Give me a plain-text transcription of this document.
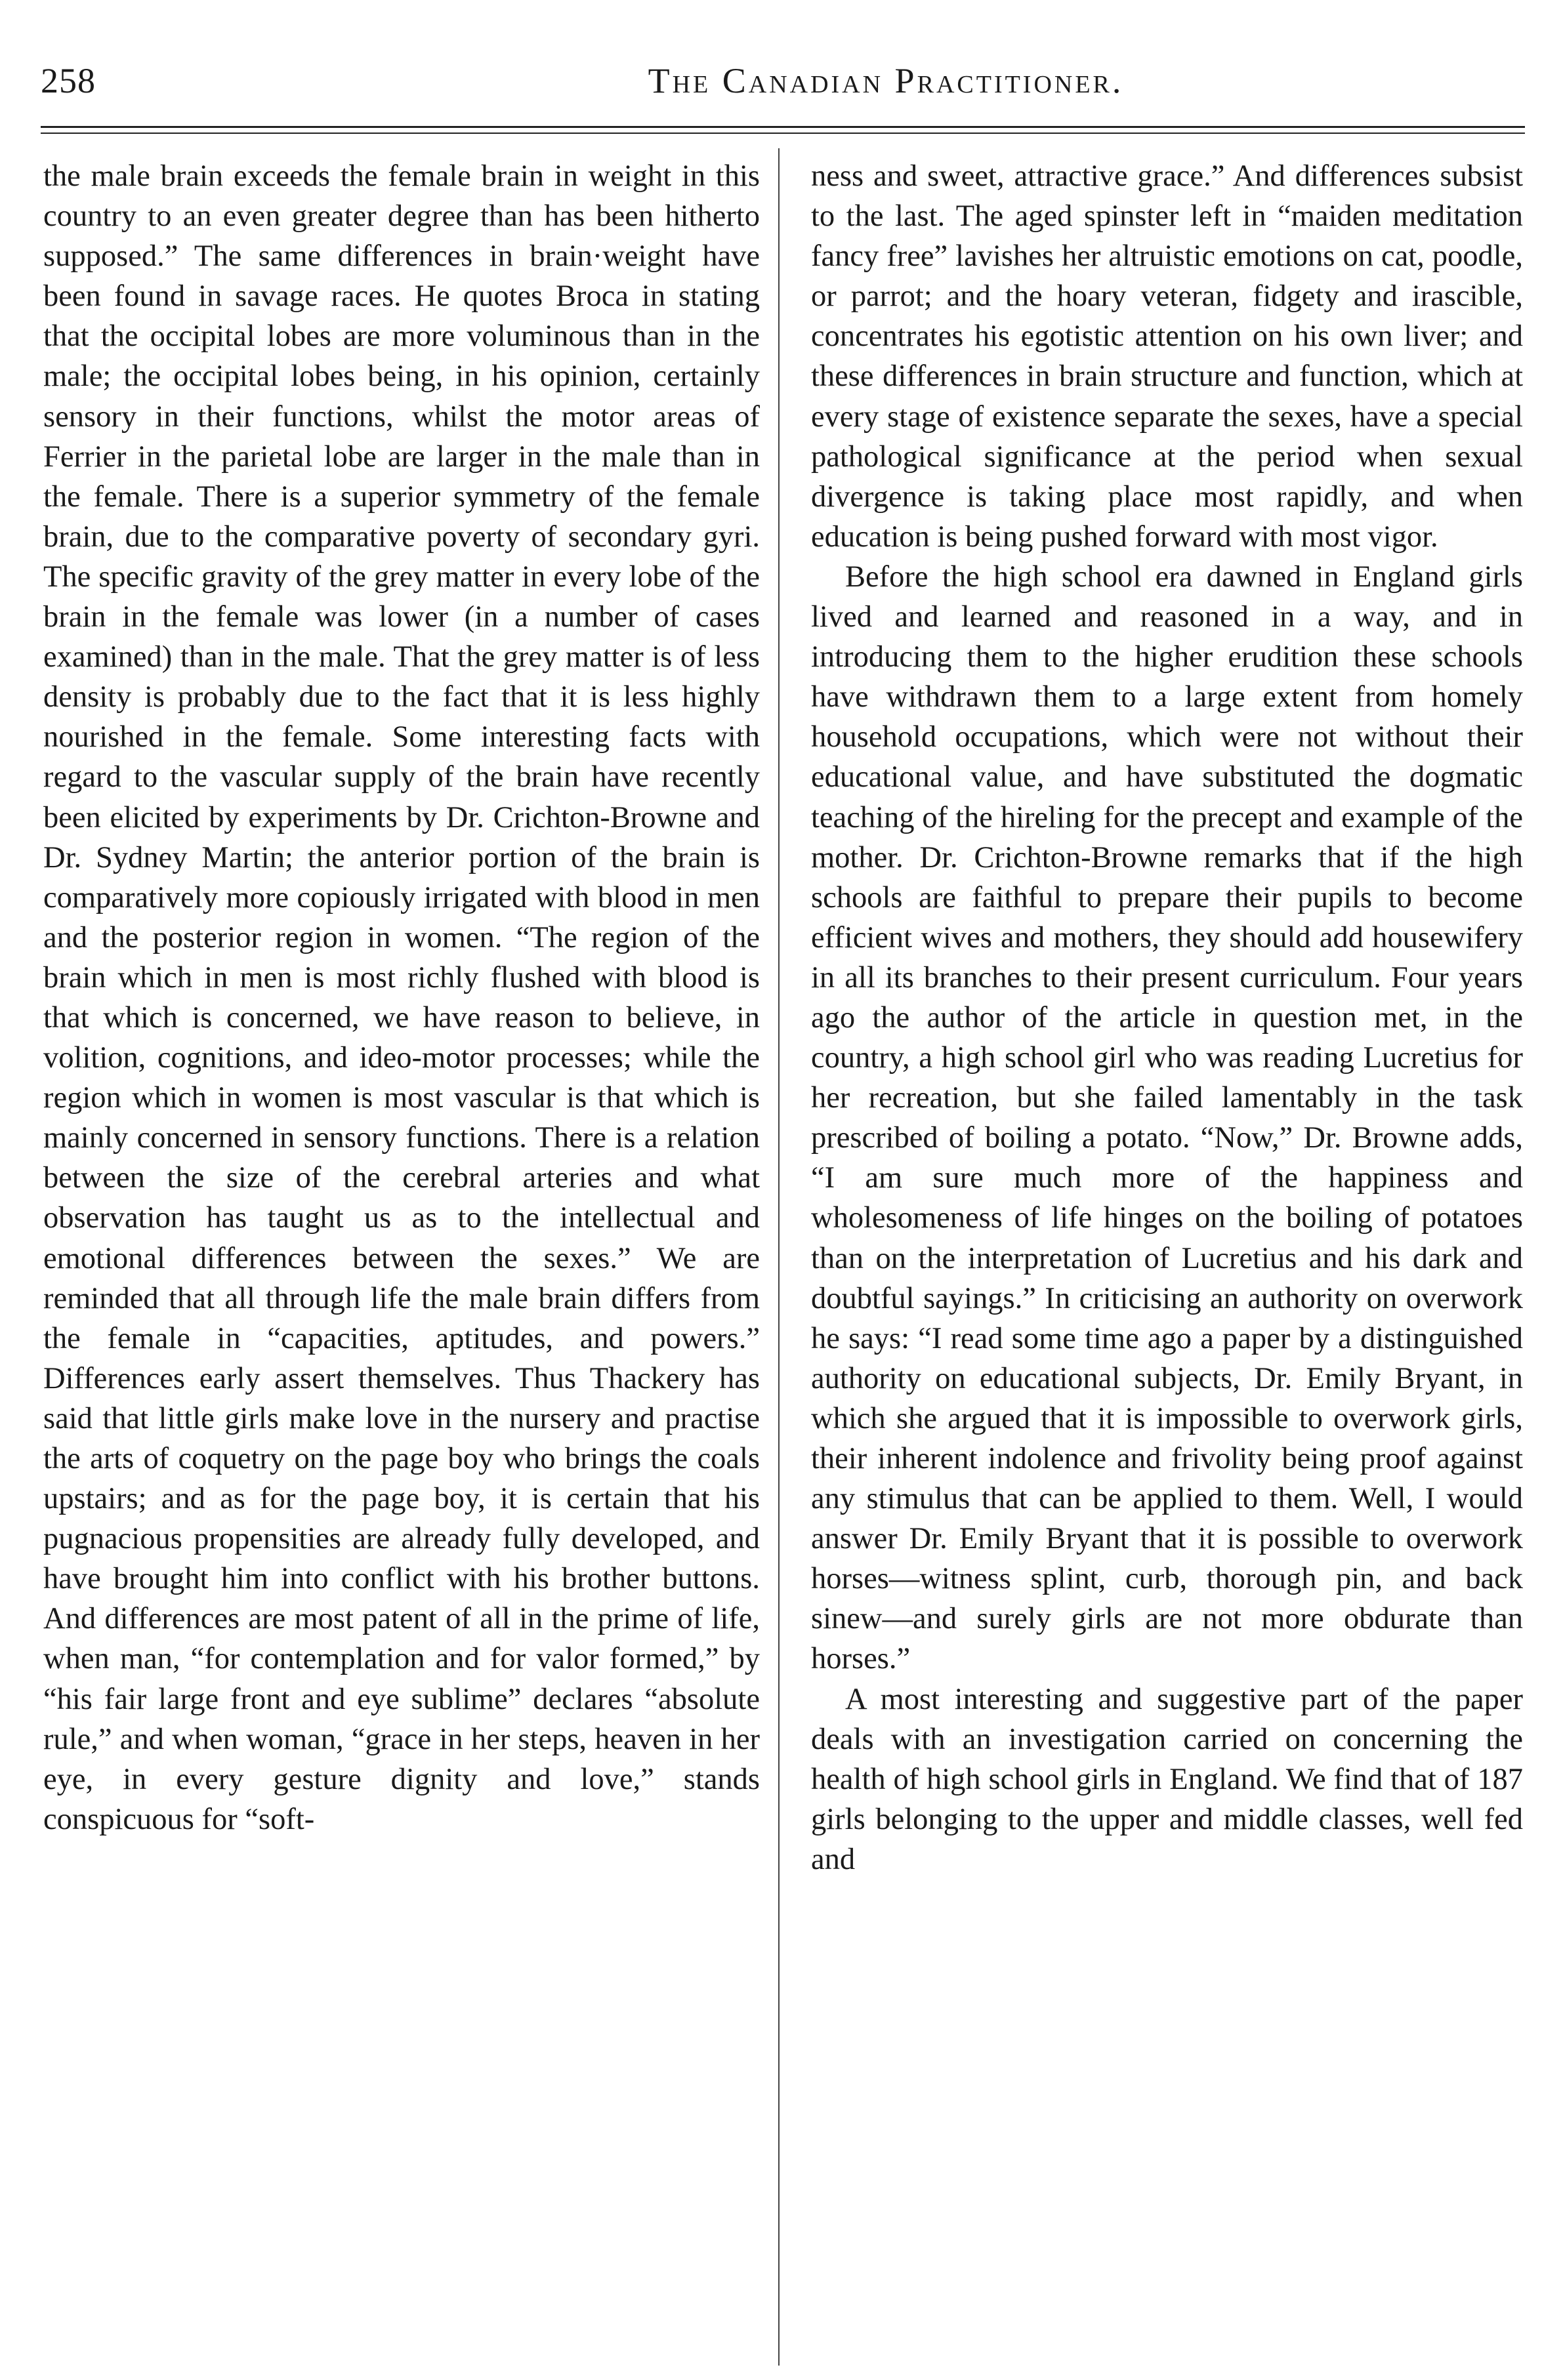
258	The Canadian Practitioner.

the male brain exceeds the female brain in weight in this country to an even greater degree than has been hitherto supposed.” The same differences in brain·weight have been found in savage races. He quotes Broca in stating that the occipital lobes are more voluminous than in the male; the occipital lobes being, in his opinion, certainly sensory in their functions, whilst the motor areas of Ferrier in the parietal lobe are larger in the male than in the female. There is a superior symmetry of the female brain, due to the comparative poverty of secondary gyri. The specific gravity of the grey matter in every lobe of the brain in the female was lower (in a number of cases examined) than in the male. That the grey matter is of less density is probably due to the fact that it is less highly nourished in the female. Some interesting facts with regard to the vascular supply of the brain have recently been elicited by experiments by Dr. Crichton-Browne and Dr. Sydney Martin; the anterior portion of the brain is comparatively more copiously irrigated with blood in men and the posterior region in women. “The region of the brain which in men is most richly flushed with blood is that which is concerned, we have reason to believe, in volition, cognitions, and ideo-motor processes; while the region which in women is most vascular is that which is mainly concerned in sensory functions. There is a relation between the size of the cerebral arteries and what observation has taught us as to the intellectual and emotional differences between the sexes.” We are reminded that all through life the male brain differs from the female in “capacities, aptitudes, and powers.” Differences early assert themselves. Thus Thackery has said that little girls make love in the nursery and practise the arts of coquetry on the page boy who brings the coals upstairs; and as for the page boy, it is certain that his pugnacious propensities are already fully developed, and have brought him into conflict with his brother buttons. And differences are most patent of all in the prime of life, when man, “for contemplation and for valor formed,” by “his fair large front and eye sublime” declares “absolute rule,” and when woman, “grace in her steps, heaven in her eye, in every gesture dignity and love,” stands conspicuous for “soft-

ness and sweet, attractive grace.” And differences subsist to the last. The aged spinster left in “maiden meditation fancy free” lavishes her altruistic emotions on cat, poodle, or parrot; and the hoary veteran, fidgety and irascible, concentrates his egotistic attention on his own liver; and these differences in brain structure and function, which at every stage of existence separate the sexes, have a special pathological significance at the period when sexual divergence is taking place most rapidly, and when education is being pushed forward with most vigor.

Before the high school era dawned in England girls lived and learned and reasoned in a way, and in introducing them to the higher erudition these schools have withdrawn them to a large extent from homely household occupations, which were not without their educational value, and have substituted the dogmatic teaching of the hireling for the precept and example of the mother. Dr. Crichton-Browne remarks that if the high schools are faithful to prepare their pupils to become efficient wives and mothers, they should add housewifery in all its branches to their present curriculum. Four years ago the author of the article in question met, in the country, a high school girl who was reading Lucretius for her recreation, but she failed lamentably in the task prescribed of boiling a potato. “Now,” Dr. Browne adds, “I am sure much more of the happiness and wholesomeness of life hinges on the boiling of potatoes than on the interpretation of Lucretius and his dark and doubtful sayings.” In criticising an authority on overwork he says: “I read some time ago a paper by a distinguished authority on educational subjects, Dr. Emily Bryant, in which she argued that it is impossible to overwork girls, their inherent indolence and frivolity being proof against any stimulus that can be applied to them. Well, I would answer Dr. Emily Bryant that it is possible to overwork horses—witness splint, curb, thorough pin, and back sinew—and surely girls are not more obdurate than horses.”

A most interesting and suggestive part of the paper deals with an investigation carried on concerning the health of high school girls in England. We find that of 187 girls belonging to the upper and middle classes, well fed and
